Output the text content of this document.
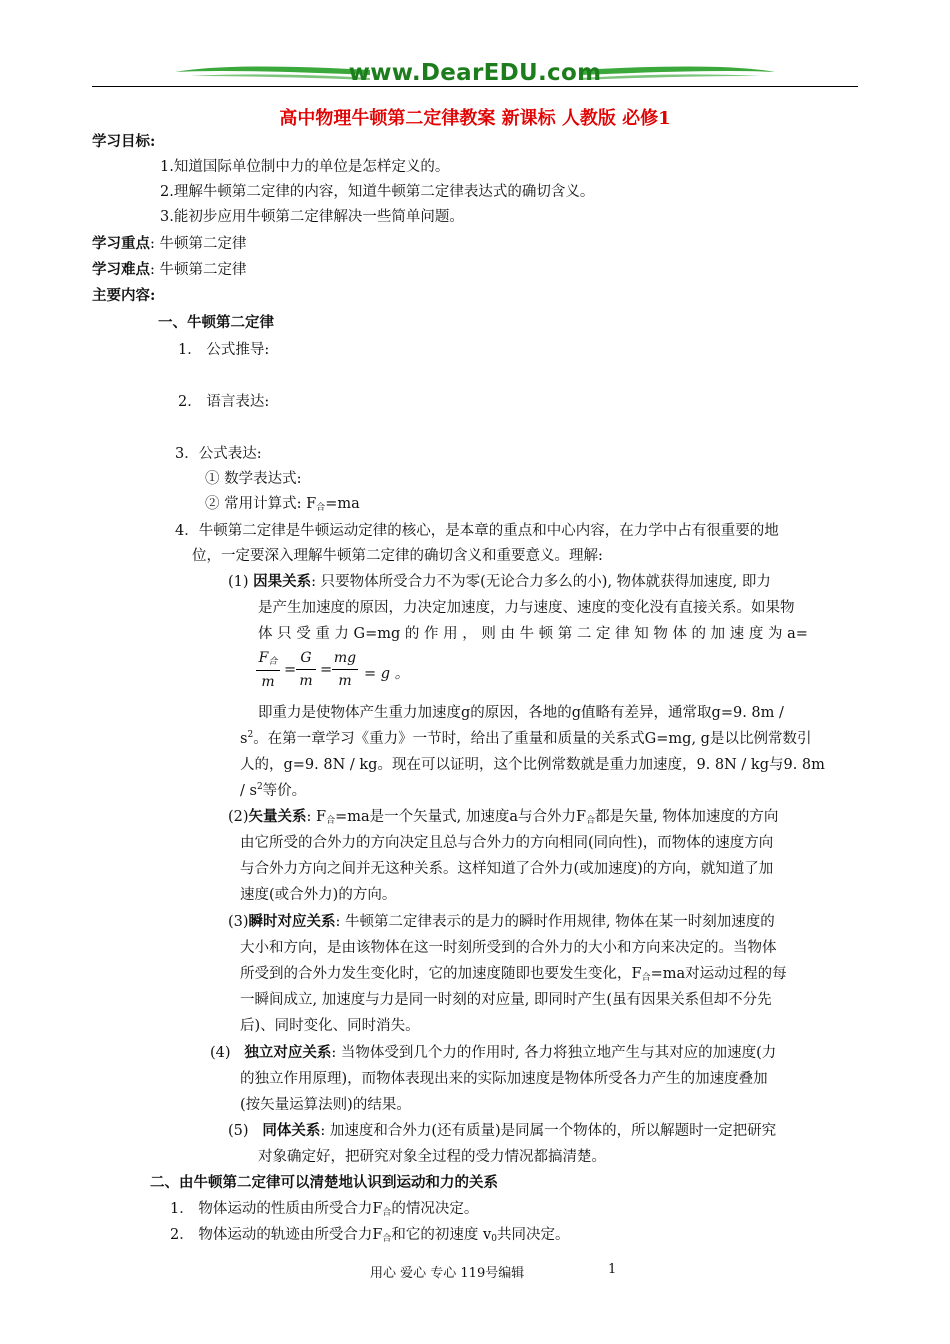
www.DearEDU.com
高中物理牛顿第二定律教案 新课标 人教版 必修1
学习目标:
1.知道国际单位制中力的单位是怎样定义的。
2.理解牛顿第二定律的内容，知道牛顿第二定律表达式的确切含义。
3.能初步应用牛顿第二定律解决一些简单问题。
学习重点: 牛顿第二定律
学习难点: 牛顿第二定律
主要内容:
一、牛顿第二定律
1． 公式推导:
2． 语言表达:
3．公式表达:
① 数学表达式:
② 常用计算式: $F_合=ma$
4．牛顿第二定律是牛顿运动定律的核心，是本章的重点和中心内容，在力学中占有很重要的地
位，一定要深入理解牛顿第二定律的确切含义和重要意义。理解:
(1) 因果关系: 只要物体所受合力不为零(无论合力多么的小), 物体就获得加速度, 即力
是产生加速度的原因，力决定加速度，力与速度、速度的变化没有直接关系。如果物
体 只 受 重 力 G=mg 的 作 用 ， 则 由 牛 顿 第 二 定 律 知 物 体 的 加 速 度 为 a=
$F_合$
m
=
G
m
=
mg
m = g 。
即重力是使物体产生重力加速度g的原因，各地的g值略有差异，通常取g=9. 8m /
$s^2$。在第一章学习《重力》一节时，给出了重量和质量的关系式G=mg, g是以比例常数引
人的，g=9. 8N / kg。现在可以证明，这个比例常数就是重力加速度，9. 8N / kg与9. 8m
/ $s^2$等价。
(2)矢量关系: $F_合=ma$是一个矢量式, 加速度a与合外力$F_合$都是矢量, 物体加速度的方向
由它所受的合外力的方向决定且总与合外力的方向相同(同向性)，而物体的速度方向
与合外力方向之间并无这种关系。这样知道了合外力(或加速度)的方向，就知道了加
速度(或合外力)的方向。
(3)瞬时对应关系: 牛顿第二定律表示的是力的瞬时作用规律, 物体在某一时刻加速度的
大小和方向，是由该物体在这一时刻所受到的合外力的大小和方向来决定的。当物体
所受到的合外力发生变化时，它的加速度随即也要发生变化，$F_合=ma$对运动过程的每
一瞬间成立, 加速度与力是同一时刻的对应量, 即同时产生(虽有因果关系但却不分先
后)、同时变化、同时消失。
(4) 独立对应关系: 当物体受到几个力的作用时, 各力将独立地产生与其对应的加速度(力
的独立作用原理)，而物体表现出来的实际加速度是物体所受各力产生的加速度叠加
(按矢量运算法则)的结果。
(5) 同体关系: 加速度和合外力(还有质量)是同属一个物体的，所以解题时一定把研究
对象确定好，把研究对象全过程的受力情况都搞清楚。
二、由牛顿第二定律可以清楚地认识到运动和力的关系
1． 物体运动的性质由所受合力$F_合$的情况决定。
2． 物体运动的轨迹由所受合力$F_合$和它的初速度 $v_0$共同决定。
用心 爱心 专心 119号编辑	1
